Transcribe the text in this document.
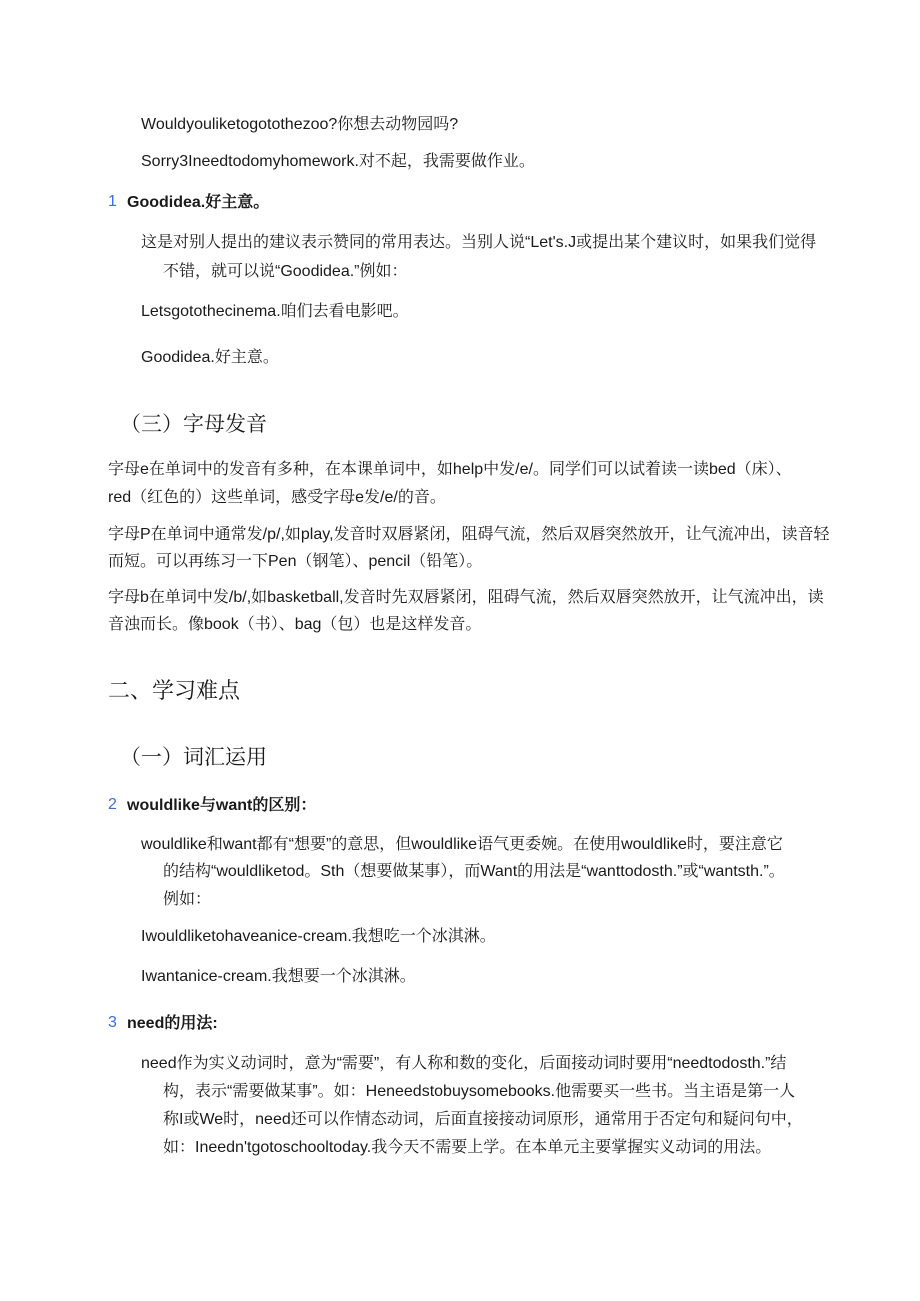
Wouldyouliketogotothezoo?你想去动物园吗?
Sorry3Ineedtodomyhomework.对不起，我需要做作业。
1 Goodidea.好主意。
这是对别人提出的建议表示赞同的常用表达。当别人说“Let's.J或提出某个建议时，如果我们觉得
不错，就可以说“Goodidea.”例如：
Letsgotothecinema.咱们去看电影吧。
Goodidea.好主意。
（三）字母发音
字母e在单词中的发音有多种，在本课单词中，如help中发/e/。同学们可以试着读一读bed（床）、
red（红色的）这些单词，感受字母e发/e/的音。
字母P在单词中通常发/p/,如play,发音时双唇紧闭，阻碍气流，然后双唇突然放开，让气流冲出，读音轻
而短。可以再练习一下Pen（钢笔）、pencil（铅笔）。
字母b在单词中发/b/,如basketball,发音时先双唇紧闭，阻碍气流，然后双唇突然放开，让气流冲出，读
音浊而长。像book（书）、bag（包）也是这样发音。
二、学习难点
（一）词汇运用
2 wouldlike与want的区别：
wouldlike和want都有“想要”的意思，但wouldlike语气更委婉。在使用wouldlike时，要注意它
的结构“wouldliketod。Sth（想要做某事），而Want的用法是“wanttodosth.”或“wantsth.”。
例如：
Iwouldliketohaveanice-cream.我想吃一个冰淇淋。
Iwantanice-cream.我想要一个冰淇淋。
3 need的用法:
need作为实义动词时，意为“需要”，有人称和数的变化，后面接动词时要用“needtodosth.”结
构，表示“需要做某事”。如：Heneedstobuysomebooks.他需要买一些书。当主语是第一人
称I或We时，need还可以作情态动词，后面直接接动词原形，通常用于否定句和疑问句中，
如：Ineedn'tgotoschooltoday.我今天不需要上学。在本单元主要掌握实义动词的用法。
